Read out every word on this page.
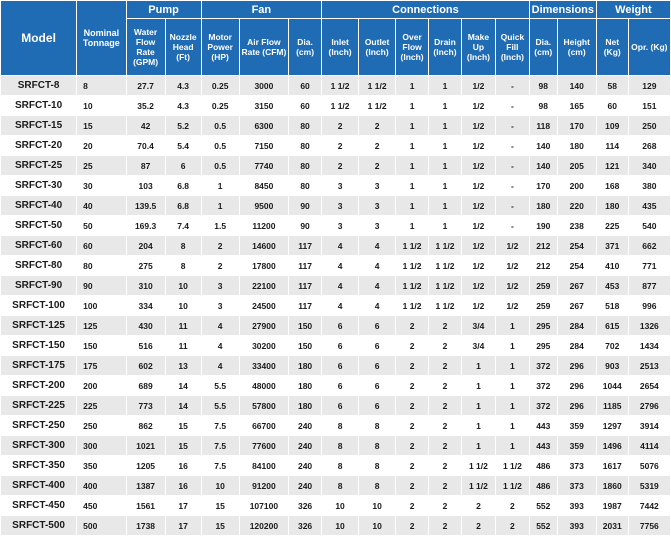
Model	Nominal Tonnage	Pump		Fan			Connections						Dimensions		Weight	
		Water Flow Rate (GPM)	Nozzle Head (Ft)	Motor Power (HP)	Air Flow Rate (CFM)	Dia. (cm)	Inlet (Inch)	Outlet (Inch)	Over Flow (Inch)	Drain (Inch)	Make Up (Inch)	Quick Fill (Inch)	Dia. (cm)	Height (cm)	Net (Kg)	Opr. (Kg)
SRFCT-8	8	27.7	4.3	0.25	3000	60	1 1/2	1 1/2	1	1	1/2	-	98	140	58	129
SRFCT-10	10	35.2	4.3	0.25	3150	60	1 1/2	1 1/2	1	1	1/2	-	98	165	60	151
SRFCT-15	15	42	5.2	0.5	6300	80	2	2	1	1	1/2	-	118	170	109	250
SRFCT-20	20	70.4	5.4	0.5	7150	80	2	2	1	1	1/2	-	140	180	114	268
SRFCT-25	25	87	6	0.5	7740	80	2	2	1	1	1/2	-	140	205	121	340
SRFCT-30	30	103	6.8	1	8450	80	3	3	1	1	1/2	-	170	200	168	380
SRFCT-40	40	139.5	6.8	1	9500	90	3	3	1	1	1/2	-	180	220	180	435
SRFCT-50	50	169.3	7.4	1.5	11200	90	3	3	1	1	1/2	-	190	238	225	540
SRFCT-60	60	204	8	2	14600	117	4	4	1 1/2	1 1/2	1/2	1/2	212	254	371	662
SRFCT-80	80	275	8	2	17800	117	4	4	1 1/2	1 1/2	1/2	1/2	212	254	410	771
SRFCT-90	90	310	10	3	22100	117	4	4	1 1/2	1 1/2	1/2	1/2	259	267	453	877
SRFCT-100	100	334	10	3	24500	117	4	4	1 1/2	1 1/2	1/2	1/2	259	267	518	996
SRFCT-125	125	430	11	4	27900	150	6	6	2	2	3/4	1	295	284	615	1326
SRFCT-150	150	516	11	4	30200	150	6	6	2	2	3/4	1	295	284	702	1434
SRFCT-175	175	602	13	4	33400	180	6	6	2	2	1	1	372	296	903	2513
SRFCT-200	200	689	14	5.5	48000	180	6	6	2	2	1	1	372	296	1044	2654
SRFCT-225	225	773	14	5.5	57800	180	6	6	2	2	1	1	372	296	1185	2796
SRFCT-250	250	862	15	7.5	66700	240	8	8	2	2	1	1	443	359	1297	3914
SRFCT-300	300	1021	15	7.5	77600	240	8	8	2	2	1	1	443	359	1496	4114
SRFCT-350	350	1205	16	7.5	84100	240	8	8	2	2	1 1/2	1 1/2	486	373	1617	5076
SRFCT-400	400	1387	16	10	91200	240	8	8	2	2	1 1/2	1 1/2	486	373	1860	5319
SRFCT-450	450	1561	17	15	107100	326	10	10	2	2	2	2	552	393	1987	7442
SRFCT-500	500	1738	17	15	120200	326	10	10	2	2	2	2	552	393	2031	7756
